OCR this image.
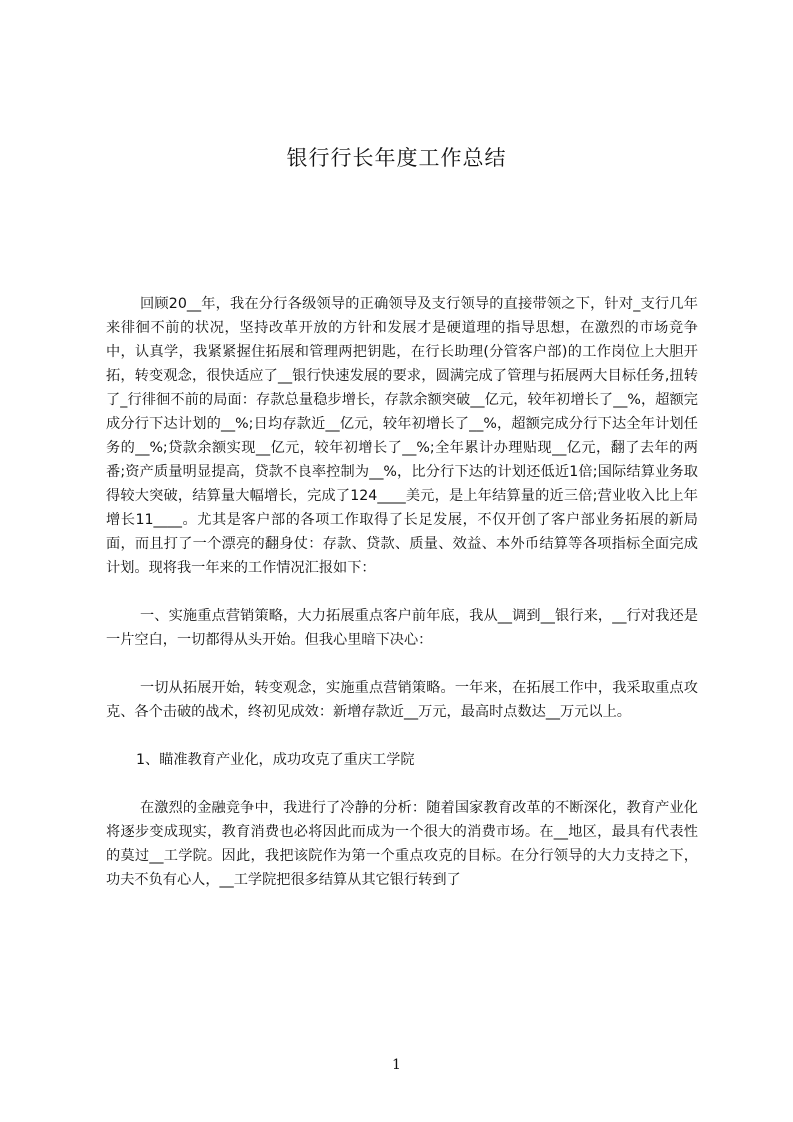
银行行长年度工作总结

回顾20__年，我在分行各级领导的正确领导及支行领导的直接带领之下，针对_支行几年来徘徊不前的状况，坚持改革开放的方针和发展才是硬道理的指导思想，在激烈的市场竞争中，认真学，我紧紧握住拓展和管理两把钥匙，在行长助理(分管客户部)的工作岗位上大胆开拓，转变观念，很快适应了__银行快速发展的要求，圆满完成了管理与拓展两大目标任务,扭转了_行徘徊不前的局面：存款总量稳步增长，存款余额突破__亿元，较年初增长了__%，超额完成分行下达计划的__%;日均存款近__亿元，较年初增长了__%，超额完成分行下达全年计划任务的__%;贷款余额实现__亿元，较年初增长了__%;全年累计办理贴现__亿元，翻了去年的两番;资产质量明显提高，贷款不良率控制为__%，比分行下达的计划还低近1倍;国际结算业务取得较大突破，结算量大幅增长，完成了124____美元，是上年结算量的近三倍;营业收入比上年增长11____。尤其是客户部的各项工作取得了长足发展，不仅开创了客户部业务拓展的新局面，而且打了一个漂亮的翻身仗：存款、贷款、质量、效益、本外币结算等各项指标全面完成计划。现将我一年来的工作情况汇报如下：

一、实施重点营销策略，大力拓展重点客户前年底，我从__调到__银行来，__行对我还是一片空白，一切都得从头开始。但我心里暗下决心：

一切从拓展开始，转变观念，实施重点营销策略。一年来，在拓展工作中，我采取重点攻克、各个击破的战术，终初见成效：新增存款近__万元，最高时点数达__万元以上。

1、瞄准教育产业化，成功攻克了重庆工学院

在激烈的金融竞争中，我进行了冷静的分析：随着国家教育改革的不断深化，教育产业化将逐步变成现实，教育消费也必将因此而成为一个很大的消费市场。在__地区，最具有代表性的莫过__工学院。因此，我把该院作为第一个重点攻克的目标。在分行领导的大力支持之下，功夫不负有心人，__工学院把很多结算从其它银行转到了

1
